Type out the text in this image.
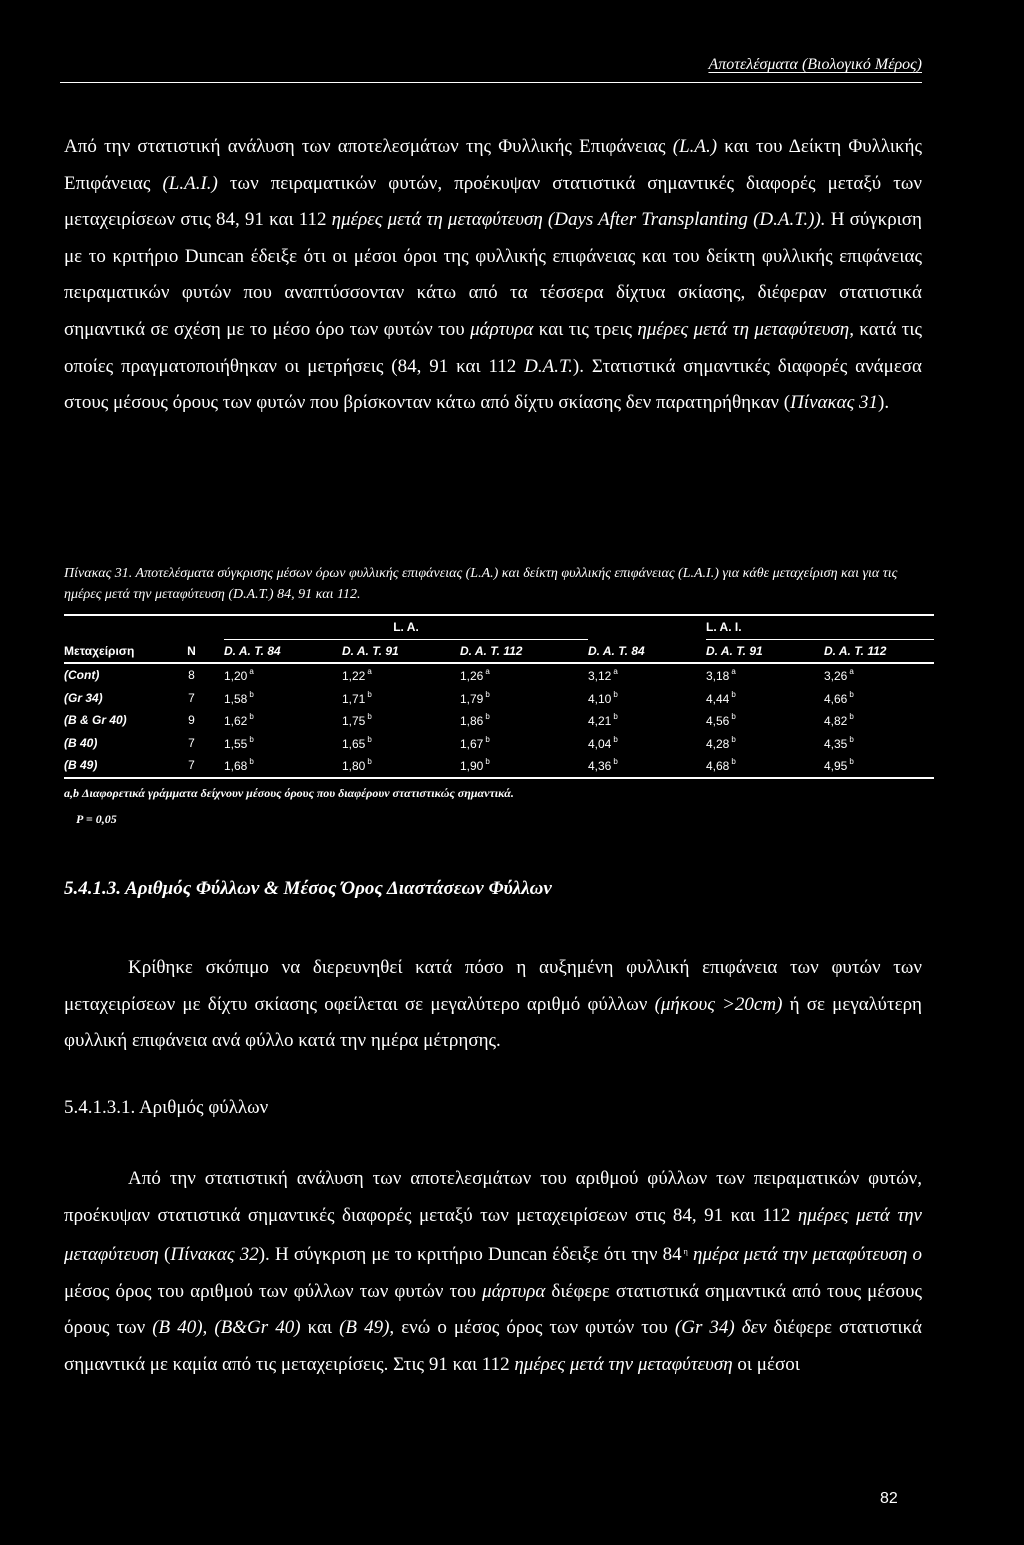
Αποτελέσματα (Βιολογικό Μέρος)

Από την στατιστική ανάλυση των αποτελεσμάτων της Φυλλικής Επιφάνειας (L.A.) και του Δείκτη Φυλλικής Επιφάνειας (L.A.I.) των πειραματικών φυτών, προέκυψαν στατιστικά σημαντικές διαφορές μεταξύ των μεταχειρίσεων στις 84, 91 και 112 ημέρες μετά τη μεταφύτευση (Days After Transplanting (D.A.T.)). Η σύγκριση με το κριτήριο Duncan έδειξε ότι οι μέσοι όροι της φυλλικής επιφάνειας και του δείκτη φυλλικής επιφάνειας πειραματικών φυτών που αναπτύσσονταν κάτω από τα τέσσερα δίχτυα σκίασης, διέφεραν στατιστικά σημαντικά σε σχέση με το μέσο όρο των φυτών του μάρτυρα και τις τρεις ημέρες μετά τη μεταφύτευση, κατά τις οποίες πραγματοποιήθηκαν οι μετρήσεις (84, 91 και 112 D.A.T.). Στατιστικά σημαντικές διαφορές ανάμεσα στους μέσους όρους των φυτών που βρίσκονταν κάτω από δίχτυ σκίασης δεν παρατηρήθηκαν (Πίνακας 31).

Πίνακας 31. Αποτελέσματα σύγκρισης μέσων όρων φυλλικής επιφάνειας (L.A.) και δείκτη φυλλικής επιφάνειας (L.A.I.) για κάθε μεταχείριση και για τις ημέρες μετά την μεταφύτευση (D.A.T.) 84, 91 και 112.
		L. A.				L. A. I.	
Μεταχείριση	N	D. A. T. 84	D. A. T. 91	D. A. T. 112	D. A. T. 84	D. A. T. 91	D. A. T. 112
(Cont)	8	1,20 $^a$	1,22 $^a$	1,26 $^a$	3,12 $^a$	3,18 $^a$	3,26 $^a$
(Gr 34)	7	1,58 $^b$	1,71 $^b$	1,79 $^b$	4,10 $^b$	4,44 $^b$	4,66 $^b$
(B & Gr 40)	9	1,62 $^b$	1,75 $^b$	1,86 $^b$	4,21 $^b$	4,56 $^b$	4,82 $^b$
(B 40)	7	1,55 $^b$	1,65 $^b$	1,67 $^b$	4,04 $^b$	4,28 $^b$	4,35 $^b$
(B 49)	7	1,68 $^b$	1,80 $^b$	1,90 $^b$	4,36 $^b$	4,68 $^b$	4,95 $^b$
a,b Διαφορετικά γράμματα δείχνουν μέσους όρους που διαφέρουν στατιστικώς σημαντικά.
P = 0,05
5.4.1.3. Αριθμός Φύλλων & Μέσος Όρος Διαστάσεων Φύλλων

Κρίθηκε σκόπιμο να διερευνηθεί κατά πόσο η αυξημένη φυλλική επιφάνεια των φυτών των μεταχειρίσεων με δίχτυ σκίασης οφείλεται σε μεγαλύτερο αριθμό φύλλων (μήκους >20cm) ή σε μεγαλύτερη φυλλική επιφάνεια ανά φύλλο κατά την ημέρα μέτρησης.

5.4.1.3.1. Αριθμός φύλλων

Από την στατιστική ανάλυση των αποτελεσμάτων του αριθμού φύλλων των πειραματικών φυτών, προέκυψαν στατιστικά σημαντικές διαφορές μεταξύ των μεταχειρίσεων στις 84, 91 και 112 ημέρες μετά την μεταφύτευση (Πίνακας 32). Η σύγκριση με το κριτήριο Duncan έδειξε ότι την 84 $^\eta$ ημέρα μετά την μεταφύτευση ο μέσος όρος του αριθμού των φύλλων των φυτών του μάρτυρα διέφερε στατιστικά σημαντικά από τους μέσους όρους των (B 40), (B&Gr 40) και (B 49), ενώ ο μέσος όρος των φυτών του (Gr 34) δεν διέφερε στατιστικά σημαντικά με καμία από τις μεταχειρίσεις. Στις 91 και 112 ημέρες μετά την μεταφύτευση οι μέσοι

82
